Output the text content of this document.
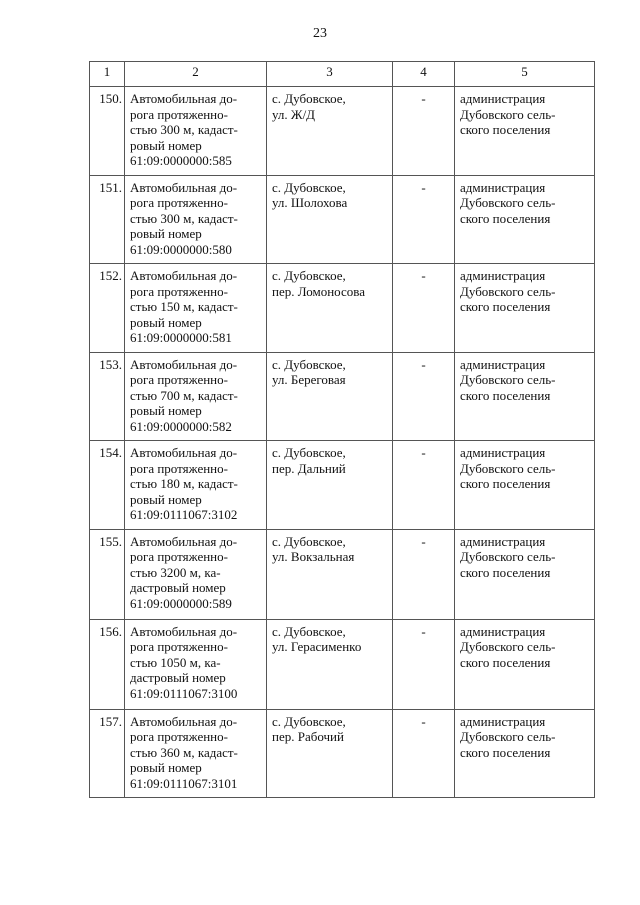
23
1	2	3	4	5
150.	Автомобильная до-
рога протяженно-
стью 300 м, кадаст-
ровый номер
61:09:0000000:585	с. Дубовское,
ул. Ж/Д	-	администрация
Дубовского сель-
ского поселения

151.	Автомобильная до-
рога протяженно-
стью 300 м, кадаст-
ровый номер
61:09:0000000:580	с. Дубовское,
ул. Шолохова	-	администрация
Дубовского сель-
ского поселения

152.	Автомобильная до-
рога протяженно-
стью 150 м, кадаст-
ровый номер
61:09:0000000:581	с. Дубовское,
пер. Ломоносова	-	администрация
Дубовского сель-
ского поселения

153.	Автомобильная до-
рога протяженно-
стью 700 м, кадаст-
ровый номер
61:09:0000000:582	с. Дубовское,
ул. Береговая	-	администрация
Дубовского сель-
ского поселения

154.	Автомобильная до-
рога протяженно-
стью 180 м, кадаст-
ровый номер
61:09:0111067:3102	с. Дубовское,
пер. Дальний	-	администрация
Дубовского сель-
ского поселения

155.	Автомобильная до-
рога протяженно-
стью 3200 м, ка-
дастровый номер
61:09:0000000:589	с. Дубовское,
ул. Вокзальная	-	администрация
Дубовского сель-
ского поселения

156.	Автомобильная до-
рога протяженно-
стью 1050 м, ка-
дастровый номер
61:09:0111067:3100	с. Дубовское,
ул. Герасименко	-	администрация
Дубовского сель-
ского поселения

157.	Автомобильная до-
рога протяженно-
стью 360 м, кадаст-
ровый номер
61:09:0111067:3101	с. Дубовское,
пер. Рабочий	-	администрация
Дубовского сель-
ского поселения
